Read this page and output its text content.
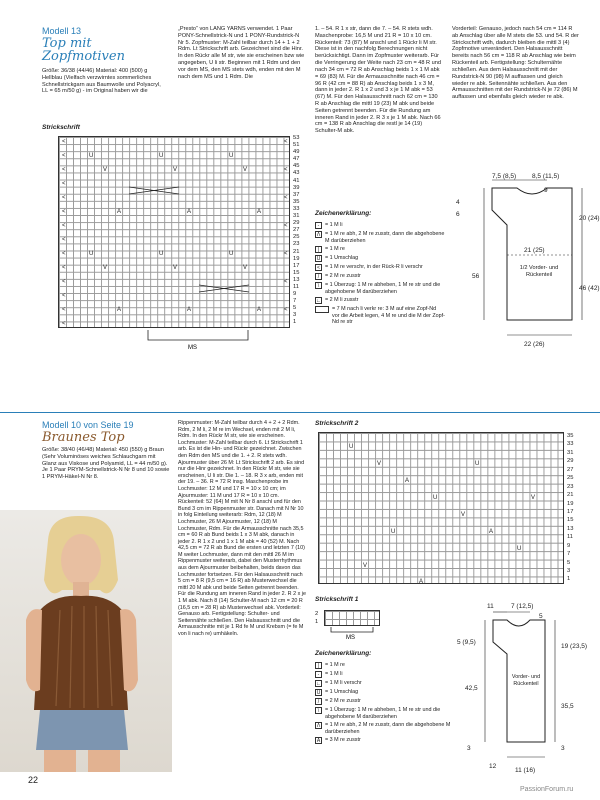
Modell 13
Top mit Zopfmotiven
Größe: 36/38 (44/46) Material: 400 (500) g Hellblau (Vielfach verzwirntes sommerliches Schnellstrickgarn aus Baumwolle und Polyacryl, LL = 65 m/50 g) - im Original haben wir die
„Presto“ von LANG YARNS verwendet. 1 Paar PONY-Schnellstrick-N und 1 PONY-Rundstrick-N Nr 5. Zopfmuster: M-Zahl teilbar durch 14 + 1 + 2 Rdm. Lt Strickschrift arb. Gezeichnet sind die Hinr. In den Rückr alle M str, wie sie erscheinen bzw wie angegeben, U li str. Beginnen mit 1 Rdm und den vor dem MS, den MS stets wdh, enden mit den M nach dem MS und 1 Rdm. Die
1. – 54. R 1 x str, dann die 7. – 54. R stets wdh. Maschenprobe: 16,5 M und 21 R = 10 x 10 cm. Rückenteil: 73 (87) M anschl und 1 Rückr li M str. Diese ist in den nachfolg Berechnungen nicht berücksichtigt. Dann im Zopfmuster weiterarb. Für die Verringerung der Weite nach 23 cm = 48 R und nach 34 cm = 72 R ab Anschlag beids 1 x 1 M abk = 69 (83) M. Für die Armausschnitte nach 46 cm = 96 R (42 cm = 88 R) ab Anschlag beids 1 x 3 M, dann in jeder 2. R 1 x 2 und 3 x je 1 M abk = 53 (67) M. Für den Halsausschnitt nach 62 cm = 130 R ab Anschlag die mittl 19 (23) M abk und beide Seiten getrennt beenden. Für die Rundung am inneren Rand in jeder 2. R 3 x je 1 M abk. Nach 66 cm = 138 R ab Anschlag die restl je 14 (19) Schulter-M abk.
Vorderteil: Genauso, jedoch nach 54 cm = 114 R ab Anschlag über alle M stets die 53. und 54. R der Strickschrift wdh, dadurch bleiben die mittl 3 (4) Zopfmotive unverändert. Den Halsausschnitt bereits nach 56 cm = 118 R ab Anschlag wie beim Rückenteil arb. Fertigstellung: Schulternähte schließen. Aus dem Halsausschnitt mit der Rundstrick-N 90 (98) M auffassen und gleich wieder re abk. Seitennähte schließen. Aus den Armausschnitten mit der Rundstrick-N je 72 (86) M auffassen und ebenfalls gleich wieder re abk.
Strickschrift
<
<
<
<
<
<
<
<
<
<
<
<
<
<
<
<
<
<
<
<
<
U	U	U
V	V	V
A	A	A
U	U	U
V	V	V
A	A	A
53
51
49
47
45
43
41
39
37
35
33
31
29
27
25
23
21
19
17
15
13
11
9
7
5
3
1
MS
Zeichenerklärung:
-	= 1 M li
Λ = 1 M re abh, 2 M re zusstr, dann die abgehobene M darüberziehen
|	= 1 M re
U = 1 Umschlag
< = 1 M re verschr, in der Rück-R li verschr
/	= 2 M re zusstr
\	= 1 Überzug: 1 M re abheben, 1 M re str und die abgehobene M darüberziehen
∟ = 2 M li zusstr
= 7 M nach li verkr re: 3 M auf eine Zopf-Nd vor die Arbeit legen, 4 M re und die M der Zopf-Nd re str
7,5 (8,5) 8,5 (11,5)
9
4
6
20 (24)
21 (25)
56
46 (42)
22 (26)
1/2 Vorder- und Rückenteil
Modell 10 von Seite 19
Braunes Top
Größe: 38/40 (46/48) Material: 450 (550) g Braun (Sehr Voluminöses weiches Schlauchgarn mit Glanz aus Viskose und Polyamid, LL = 44 m/50 g). Je 1 Paar PRYM-Schnellstrick-N Nr 8 und 10 sowie 1 PRYM-Häkel-N Nr 8.
Rippenmuster: M-Zahl teilbar durch 4 + 2 + 2 Rdm. Rdm, 2 M li, 2 M re im Wechsel, enden mit 2 M li, Rdm. In den Rückr M str, wie sie erscheinen. Lochmuster: M-Zahl teilbar durch 6. Lt Strickschrift 1 arb. Es ist die Hin- und Rückr gezeichnet. Zwischen den Rdm den MS und die 1. + 2. R stets wdh. Ajourmuster über 26 M: Lt Strickschrift 2 arb. Es sind nur die Hinr gezeichnet. In den Rückr M str, wie sie erscheinen, U li str. Die 1. – 18. R 3 x arb, enden mit der 19. – 36. R = 72 R insg. Maschenprobe im Lochmuster: 12 M und 17 R = 10 x 10 cm; im Ajourmuster: 11 M und 17 R = 10 x 10 cm. Rückenteil: 52 (64) M mit N Nr 8 anschl und für den Bund 3 cm im Rippenmuster str. Danach mit N Nr 10 in folg Einteilung weiterarb: Rdm, 12 (18) M Lochmuster, 26 M Ajourmuster, 12 (18) M Lochmuster, Rdm. Für die Armausschnitte nach 35,5 cm = 60 R ab Bund beids 1 x 3 M abk, danach in jeder 2. R 1 x 2 und 1 x 1 M abk = 40 (52) M. Nach 42,5 cm = 72 R ab Bund die ersten und letzten 7 (10) M weiter Lochmuster, dann mit den mittl 26 M im Rippenmuster weiterarb, dabei den Musterrhythmus aus dem Ajourmuster beibehalten, beids davon das Lochmuster fortsetzen. Für den Halsausschnitt nach 5 cm = 8 R (9,5 cm = 16 R) ab Musterwechsel die mittl 20 M abk und beide Seiten getrennt beenden. Für die Rundung am inneren Rand in jeder 2. R 2 x je 1 M abk. Nach 8 (14) Schulter-M nach 12 cm = 20 R (16,5 cm = 28 R) ab Musterwechsel abk. Vorderteil: Genauso arb. Fertigstellung: Schulter- und Seitennähte schließen. Den Halsausschnitt und die Armausschnitte mit je 1 Rd fe M und Krebsm (= fe M von li nach re) umhäkeln.
Strickschrift 2
U
V
A
U
V
A
U
V
A
U
V
U
35
33
31
29
27
25
23
21
19
17
15
13
11
9
7
5
3
1
Strickschrift 1
2
1
MS
Zeichenerklärung:
|	= 1 M re
-	= 1 M li
∟ = 1 M li verschr
U = 1 Umschlag
/	= 2 M re zusstr
\	= 1 Überzug: 1 M re abheben, 1 M re str und die abgehobene M darüberziehen
Λ = 1 M re abh, 2 M re zusstr, dann die abgehobene M darüberziehen
A = 3 M re zusstr
11	7 (12,5)
5
5 (9,5)
19 (23,5)
42,5
35,5
3	3
12
11 (16)
Vorder- und Rückenteil
22
PassionForum.ru
